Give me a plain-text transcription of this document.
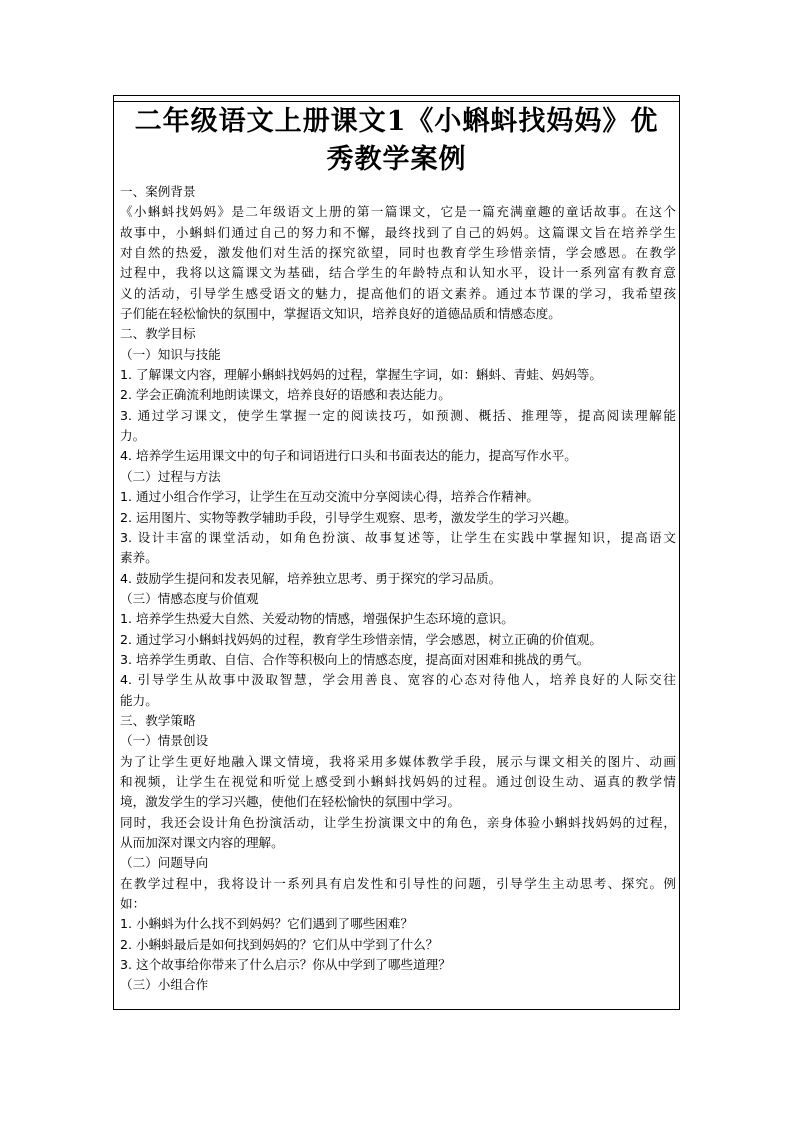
二年级语文上册课文1《小蝌蚪找妈妈》优
秀教学案例
一、案例背景
《小蝌蚪找妈妈》是二年级语文上册的第一篇课文，它是一篇充满童趣的童话故事。在这个
故事中，小蝌蚪们通过自己的努力和不懈，最终找到了自己的妈妈。这篇课文旨在培养学生
对自然的热爱，激发他们对生活的探究欲望，同时也教育学生珍惜亲情，学会感恩。在教学
过程中，我将以这篇课文为基础，结合学生的年龄特点和认知水平，设计一系列富有教育意
义的活动，引导学生感受语文的魅力，提高他们的语文素养。通过本节课的学习，我希望孩
子们能在轻松愉快的氛围中，掌握语文知识，培养良好的道德品质和情感态度。
二、教学目标
（一）知识与技能
1. 了解课文内容，理解小蝌蚪找妈妈的过程，掌握生字词，如：蝌蚪、青蛙、妈妈等。
2. 学会正确流利地朗读课文，培养良好的语感和表达能力。
3. 通过学习课文，使学生掌握一定的阅读技巧，如预测、概括、推理等，提高阅读理解能
力。
4. 培养学生运用课文中的句子和词语进行口头和书面表达的能力，提高写作水平。
（二）过程与方法
1. 通过小组合作学习，让学生在互动交流中分享阅读心得，培养合作精神。
2. 运用图片、实物等教学辅助手段，引导学生观察、思考，激发学生的学习兴趣。
3. 设计丰富的课堂活动，如角色扮演、故事复述等，让学生在实践中掌握知识，提高语文
素养。
4. 鼓励学生提问和发表见解，培养独立思考、勇于探究的学习品质。
（三）情感态度与价值观
1. 培养学生热爱大自然、关爱动物的情感，增强保护生态环境的意识。
2. 通过学习小蝌蚪找妈妈的过程，教育学生珍惜亲情，学会感恩，树立正确的价值观。
3. 培养学生勇敢、自信、合作等积极向上的情感态度，提高面对困难和挑战的勇气。
4. 引导学生从故事中汲取智慧，学会用善良、宽容的心态对待他人，培养良好的人际交往
能力。
三、教学策略
（一）情景创设
为了让学生更好地融入课文情境，我将采用多媒体教学手段，展示与课文相关的图片、动画
和视频，让学生在视觉和听觉上感受到小蝌蚪找妈妈的过程。通过创设生动、逼真的教学情
境，激发学生的学习兴趣，使他们在轻松愉快的氛围中学习。
同时，我还会设计角色扮演活动，让学生扮演课文中的角色，亲身体验小蝌蚪找妈妈的过程，
从而加深对课文内容的理解。
（二）问题导向
在教学过程中，我将设计一系列具有启发性和引导性的问题，引导学生主动思考、探究。例
如：
1. 小蝌蚪为什么找不到妈妈？它们遇到了哪些困难？
2. 小蝌蚪最后是如何找到妈妈的？它们从中学到了什么？
3. 这个故事给你带来了什么启示？你从中学到了哪些道理？
（三）小组合作
